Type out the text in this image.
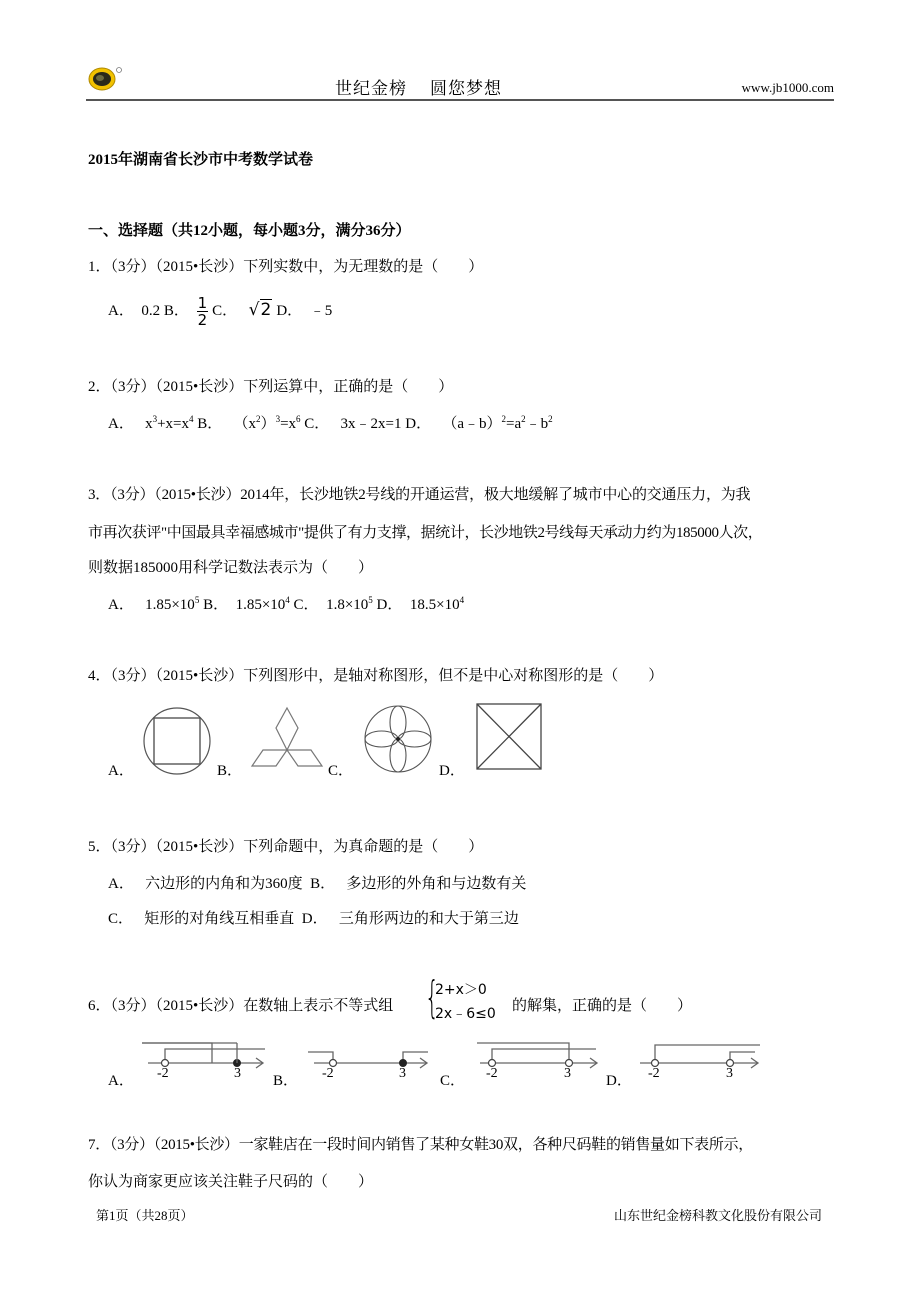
世纪金榜 圆您梦想	www.jb1000.com
2015年湖南省长沙市中考数学试卷
一、选择题（共12小题，每小题3分，满分36分）
1．（3分）（2015•长沙）下列实数中，为无理数的是（　　）
A． 0.2 B． $\frac{1}{2}$ C． √2 D． ﹣5
2．（3分）（2015•长沙）下列运算中，正确的是（　　）
A． $x^3+x=x^4$ B． $(x^2)^3=x^6$ C． 3x﹣2x=1 D． $(a﹣b)^2=a^2﹣b^2$
3．（3分）（2015•长沙）2014年，长沙地铁2号线的开通运营，极大地缓解了城市中心的交通压力，为我
市再次获评"中国最具幸福感城市"提供了有力支撑，据统计，长沙地铁2号线每天承动力约为185000人次，
则数据185000用科学记数法表示为（　　）
A． $1.85\times 10^5$ B． $1.85\times 10^4$ C． $1.8\times 10^5$ D． $18.5\times 10^4$
4．（3分）（2015•长沙）下列图形中，是轴对称图形，但不是中心对称图形的是（　　）
A．	B．	C．	D．
5．（3分）（2015•长沙）下列命题中，为真命题的是（　　）
A． 六边形的内角和为360度 B． 多边形的外角和与边数有关
C． 矩形的对角线互相垂直 D． 三角形两边的和大于第三边
6．（3分）（2015•长沙）在数轴上表示不等式组 {
2+x＞0
2x﹣6≤0 的解集，正确的是（　　）
A． -2	3 B． -2	3 C． -2	3 D． -2	3
7．（3分）（2015•长沙）一家鞋店在一段时间内销售了某种女鞋30双，各种尺码鞋的销售量如下表所示，
你认为商家更应该关注鞋子尺码的（　　）
第1页（共28页）	山东世纪金榜科教文化股份有限公司
